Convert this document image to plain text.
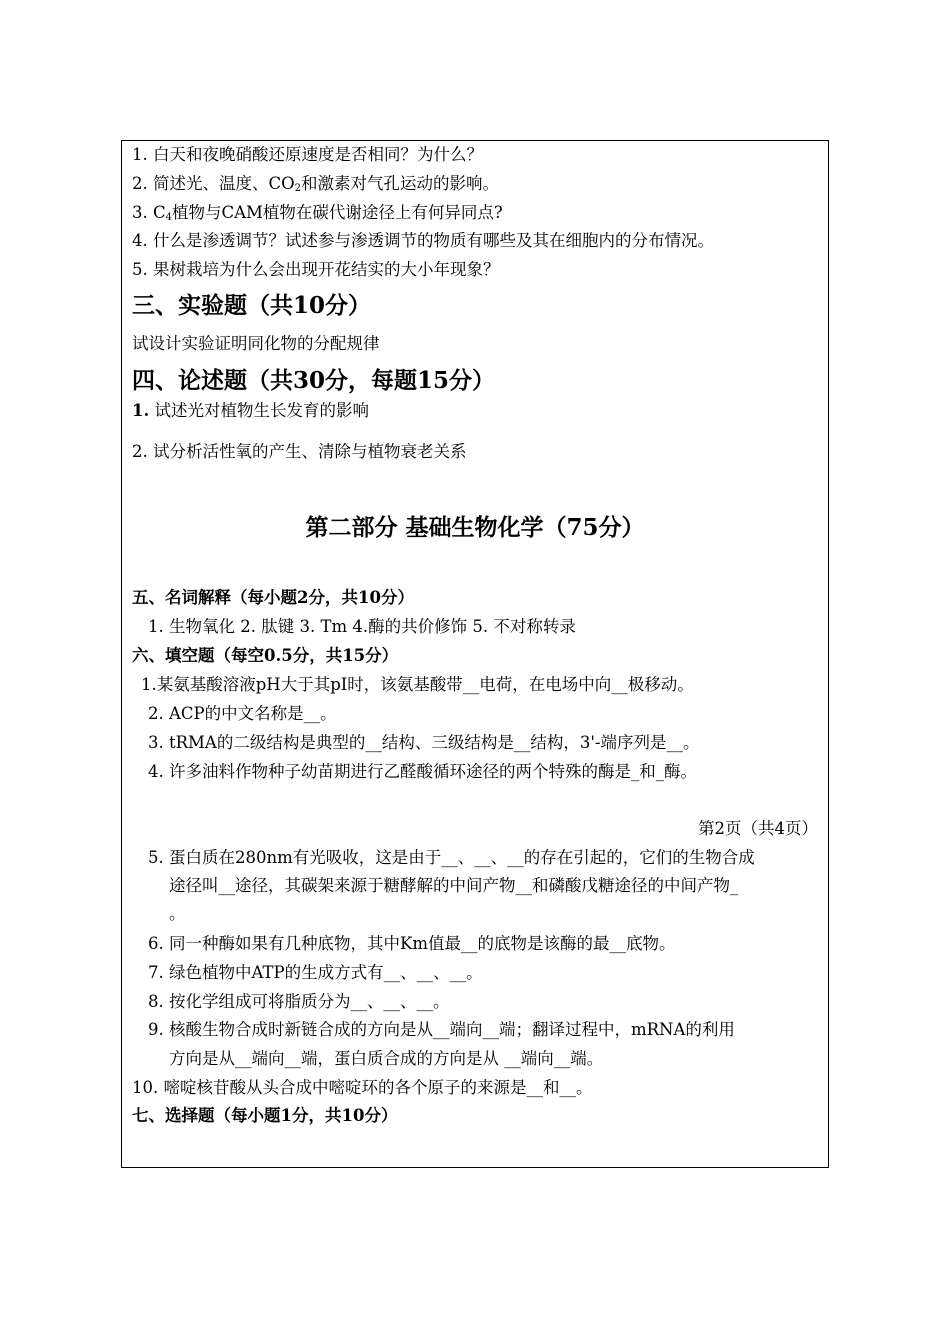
1. 白天和夜晚硝酸还原速度是否相同？为什么？
2. 简述光、温度、$CO_2$和激素对气孔运动的影响。
3. $C_4$植物与CAM植物在碳代谢途径上有何异同点?
4. 什么是渗透调节？试述参与渗透调节的物质有哪些及其在细胞内的分布情况。
5. 果树栽培为什么会出现开花结实的大小年现象？
三、实验题（共10分）
试设计实验证明同化物的分配规律
四、论述题（共30分，每题15分）
1. 试述光对植物生长发育的影响
2. 试分析活性氧的产生、清除与植物衰老关系
第二部分 基础生物化学（75分）
五、名词解释（每小题2分，共10分）
1. 生物氧化 2. 肽键 3. Tm 4.酶的共价修饰 5. 不对称转录
六、填空题（每空0.5分，共15分）
1.某氨基酸溶液pH大于其pI时，该氨基酸带__电荷，在电场中向__极移动。
2. ACP的中文名称是__。
3. tRMA的二级结构是典型的__结构、三级结构是__结构，3'-端序列是__。
4. 许多油料作物种子幼苗期进行乙醛酸循环途径的两个特殊的酶是_和_酶。
第2页（共4页）
5. 蛋白质在280nm有光吸收，这是由于__、__、__的存在引起的，它们的生物合成
途径叫__途径，其碳架来源于糖酵解的中间产物__和磷酸戊糖途径的中间产物_
。
6. 同一种酶如果有几种底物，其中Km值最__的底物是该酶的最__底物。
7. 绿色植物中ATP的生成方式有__、__、__。
8. 按化学组成可将脂质分为__、__、__。
9. 核酸生物合成时新链合成的方向是从__端向__端；翻译过程中，mRNA的利用
方向是从__端向__端，蛋白质合成的方向是从 __端向__端。
10. 嘧啶核苷酸从头合成中嘧啶环的各个原子的来源是__和__。
七、选择题（每小题1分，共10分）
